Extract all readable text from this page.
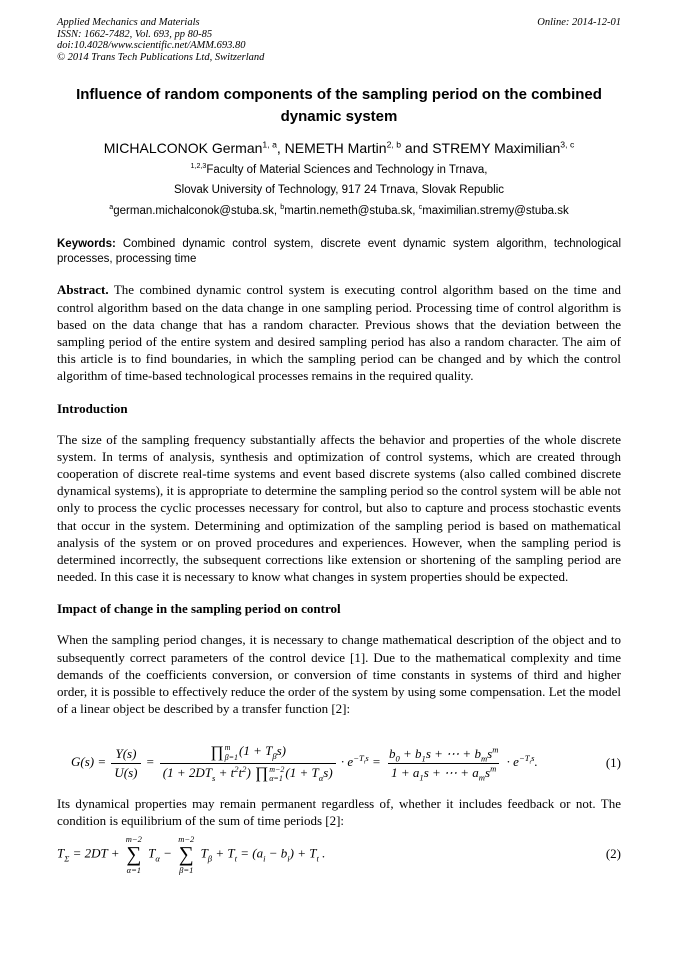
Applied Mechanics and Materials
ISSN: 1662-7482, Vol. 693, pp 80-85
doi:10.4028/www.scientific.net/AMM.693.80
© 2014 Trans Tech Publications Ltd, Switzerland
Online: 2014-12-01
Influence of random components of the sampling period on the combined dynamic system
MICHALCONOK German$^{1, a}$, NEMETH Martin$^{2, b}$ and STREMY Maximilian$^{3, c}$
$^{1,2,3}$Faculty of Material Sciences and Technology in Trnava,
Slovak University of Technology, 917 24 Trnava, Slovak Republic
$^a$german.michalconok@stuba.sk, $^b$martin.nemeth@stuba.sk, $^c$maximilian.stremy@stuba.sk

Keywords: Combined dynamic control system, discrete event dynamic system algorithm, technological processes, processing time

Abstract. The combined dynamic control system is executing control algorithm based on the time and control algorithm based on the data change in one sampling period. Processing time of control algorithm is based on the data change that has a random character. Previous shows that the deviation between the sampling period of the entire system and desired sampling period has also a random character. The aim of this article is to find boundaries, in which the sampling period can be changed and by which the control algorithm of time-based technological processes remains in the required quality.

Introduction

The size of the sampling frequency substantially affects the behavior and properties of the whole discrete system. In terms of analysis, synthesis and optimization of control systems, which are created through cooperation of discrete real-time systems and event based discrete systems (also called combined discrete dynamical systems), it is appropriate to determine the sampling period so the control system will be able not only to process the cyclic processes necessary for control, but also to capture and process stochastic events that occur in the system. Determining and optimization of the sampling period is based on mathematical analysis of the system or on proved procedures and experiences. However, when the sampling period is determined incorrectly, the subsequent corrections like extension or shortening of the sampling period are needed. In this case it is necessary to know what changes in system properties should be expected.

Impact of change in the sampling period on control

When the sampling period changes, it is necessary to change mathematical description of the object and to subsequently correct parameters of the control device [1]. Due to the mathematical complexity and time demands of the coefficients conversion, or conversion of time constants in systems of third and higher order, it is possible to effectively reduce the order of the system by using some compensation. Let the model of a linear object be described by a transfer function [2]:

$G(s) = \frac{Y(s)}{U(s)}$ = ∏ m
β=1 $(1 + T_\beta s)$
$(1 + 2DT_s + t^2t^2)$ ∏ m−2
α=1 $(1 + T_\alpha s) \cdot e^{-T_ts} = \frac{b_0 + b_1s + \cdots + b_ms^m}{1 + a_1s + \cdots + a_ms^m} \cdot e^{-T_ts}$.	(1)

Its dynamical properties may remain permanent regardless of, whether it includes feedback or not. The condition is equilibrium of the sum of time periods [2]:

$T_\Sigma = 2DT$ +
m−2
∑
α=1
$T_\alpha$ −
m−2
∑
β=1
$T_\beta + T_t = (a_i - b_i) + T_t$ .	(2)
